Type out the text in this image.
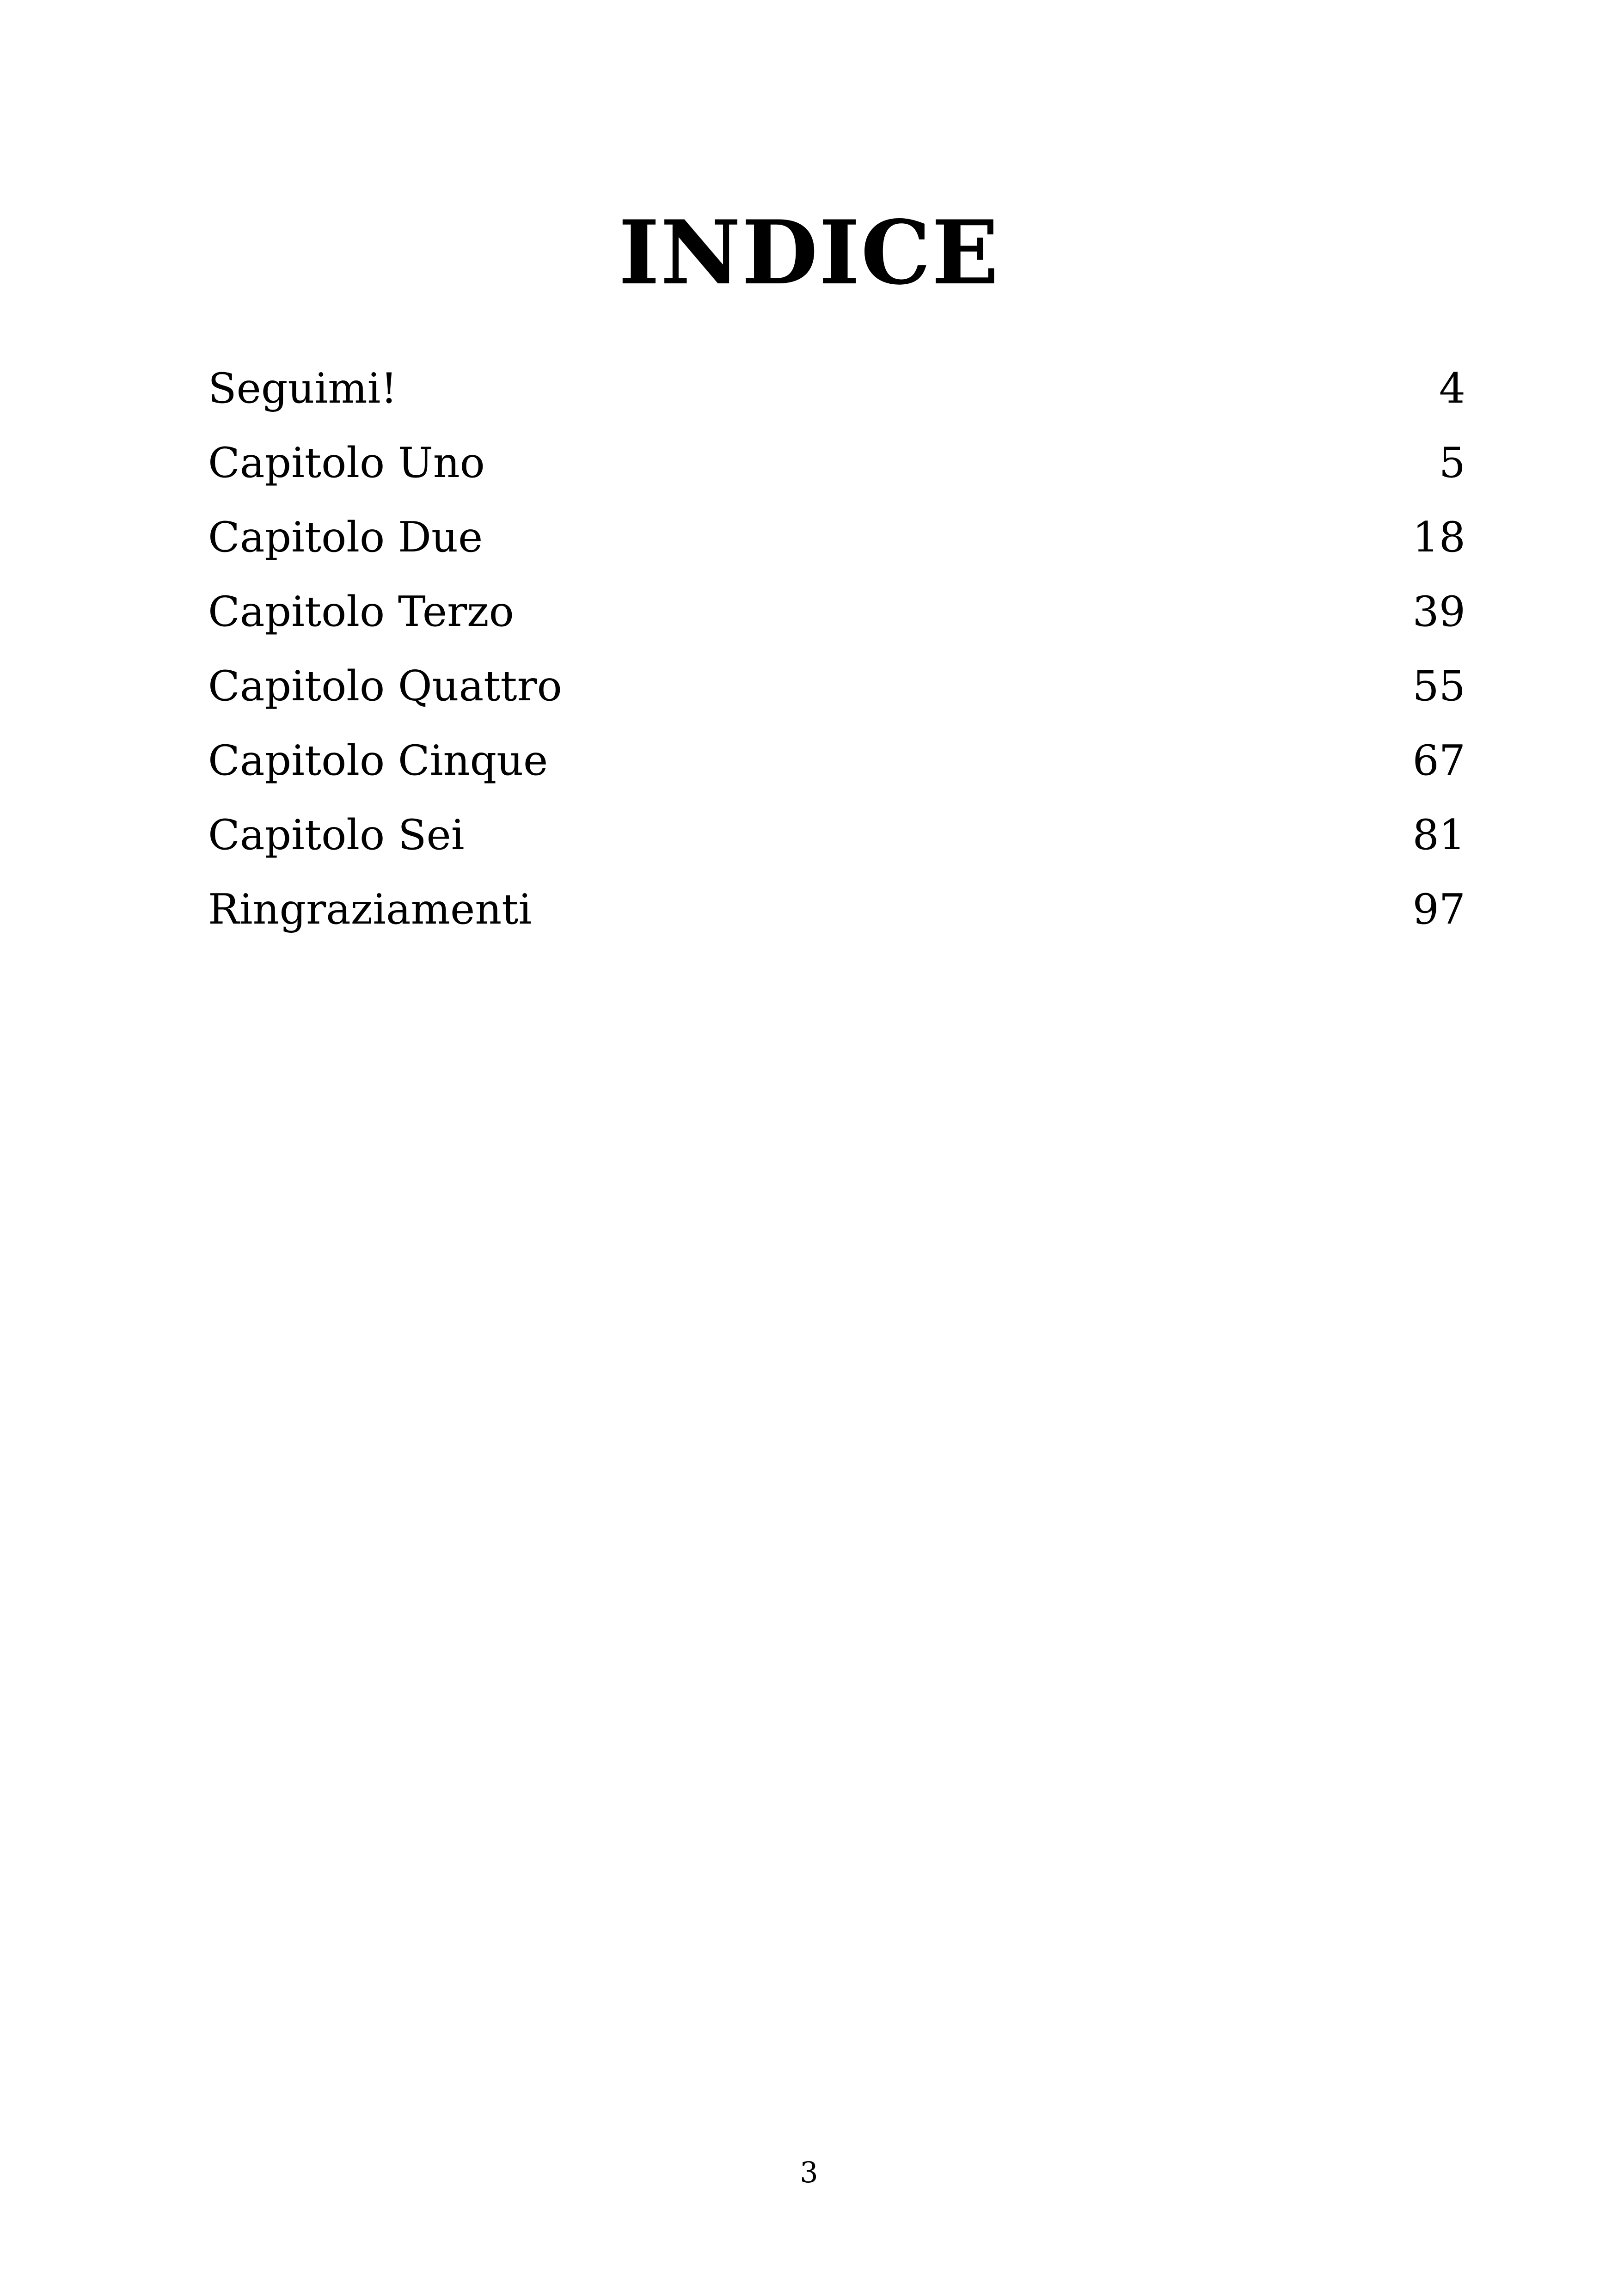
INDICE
Seguimi!	4
Capitolo Uno	5
Capitolo Due	18
Capitolo Terzo	39
Capitolo Quattro	55
Capitolo Cinque	67
Capitolo Sei	81
Ringraziamenti	97
3
